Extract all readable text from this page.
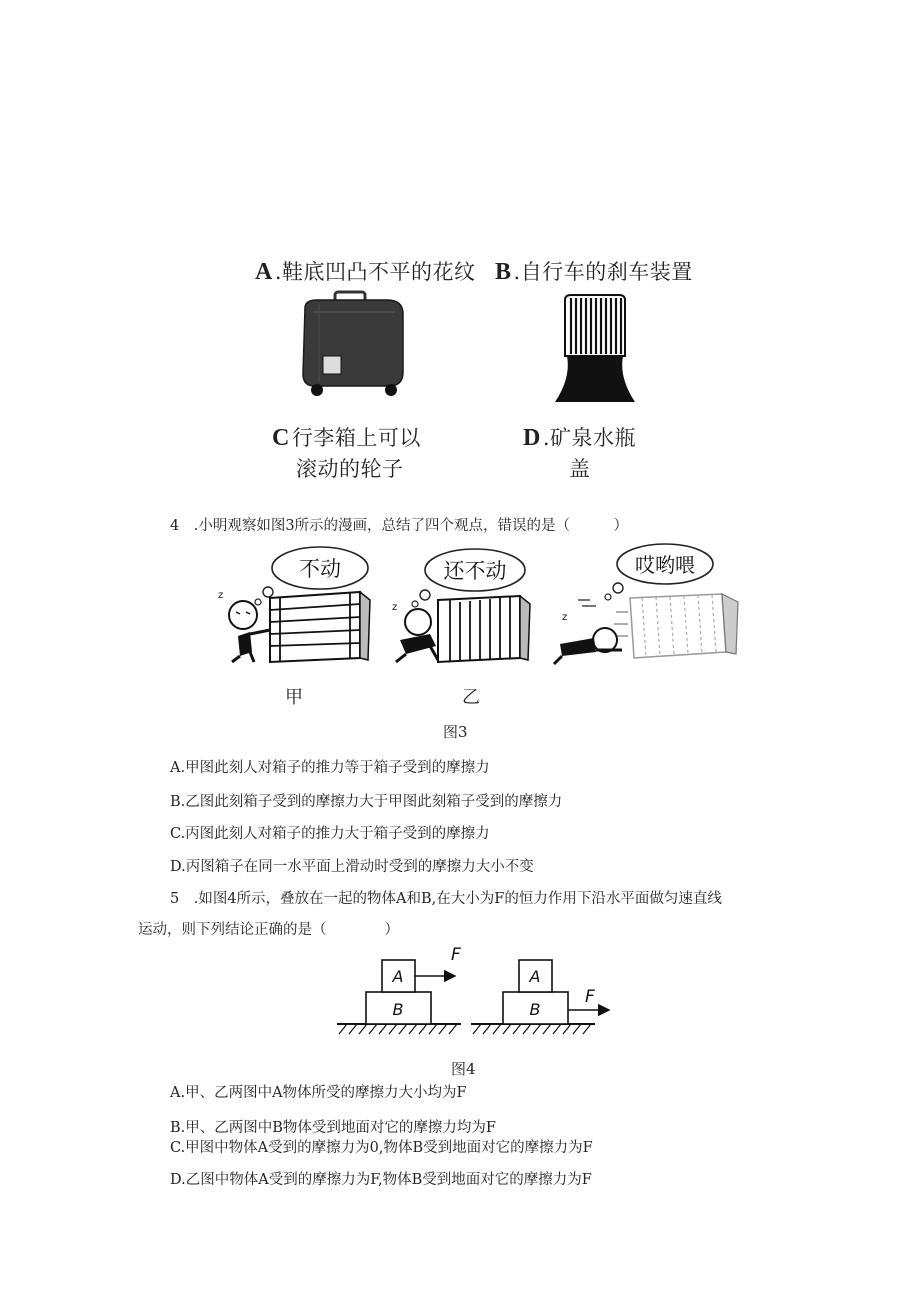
A.鞋底凹凸不平的花纹 B.自行车的刹车装置
C行李箱上可以
滚动的轮子
D.矿泉水瓶
盖
4　.小明观察如图3所示的漫画，总结了四个观点，错误的是（　　　）
不动
z
还不动
z
哎哟喂
z
甲	乙
图3
A.甲图此刻人对箱子的推力等于箱子受到的摩擦力
B.乙图此刻箱子受到的摩擦力大于甲图此刻箱子受到的摩擦力
C.丙图此刻人对箱子的推力大于箱子受到的摩擦力
D.丙图箱子在同一水平面上滑动时受到的摩擦力大小不变
5　.如图4所示，叠放在一起的物体A和B,在大小为F的恒力作用下沿水平面做匀速直线
运动，则下列结论正确的是（　　　　）
A
B
F
A
B
F
图4
A.甲、乙两图中A物体所受的摩擦力大小均为F
B.甲、乙两图中B物体受到地面对它的摩擦力均为F
C.甲图中物体A受到的摩擦力为0,物体B受到地面对它的摩擦力为F
D.乙图中物体A受到的摩擦力为F,物体B受到地面对它的摩擦力为F
